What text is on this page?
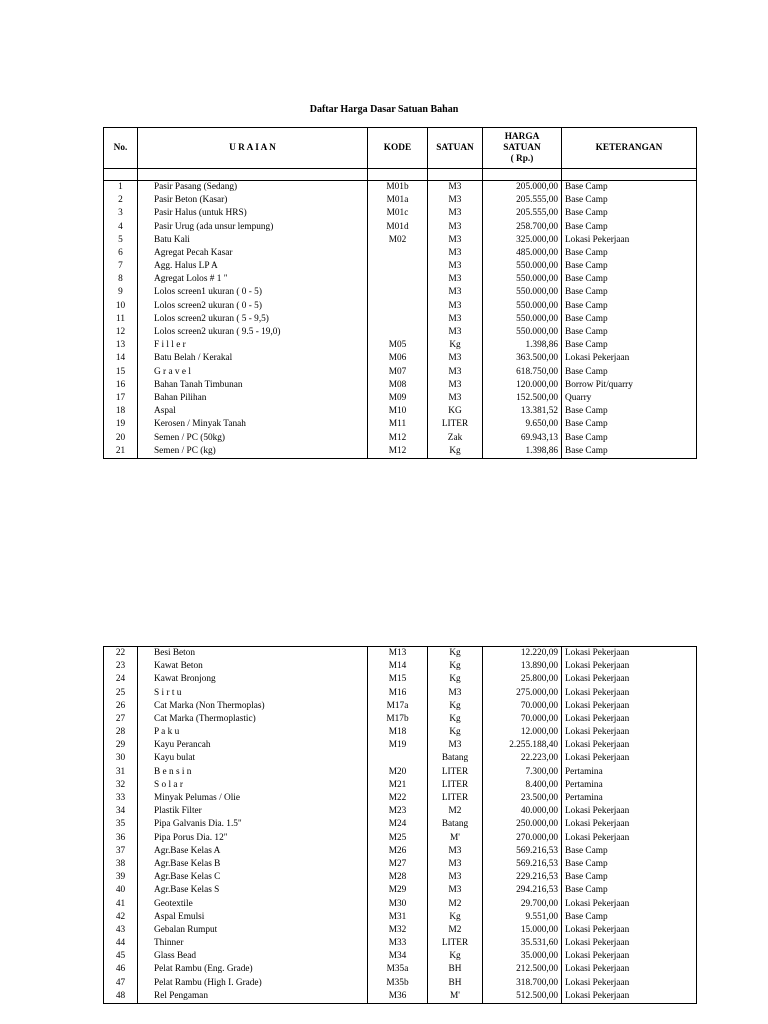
Daftar Harga Dasar Satuan Bahan
No.	U R A I A N	KODE	SATUAN	HARGA
SATUAN
( Rp.)	KETERANGAN

1	Pasir Pasang (Sedang)	M01b	M3	205.000,00	Base Camp
2	Pasir Beton (Kasar)	M01a	M3	205.555,00	Base Camp
3	Pasir Halus (untuk HRS)	M01c	M3	205.555,00	Base Camp
4	Pasir Urug (ada unsur lempung)	M01d	M3	258.700,00	Base Camp
5	Batu Kali	M02	M3	325.000,00	Lokasi Pekerjaan
6	Agregat Pecah Kasar		M3	485.000,00	Base Camp
7	Agg. Halus LP A		M3	550.000,00	Base Camp
8	Agregat Lolos # 1 "		M3	550.000,00	Base Camp
9	Lolos screen1 ukuran ( 0 - 5)		M3	550.000,00	Base Camp
10	Lolos screen2 ukuran ( 0 - 5)		M3	550.000,00	Base Camp
11	Lolos screen2 ukuran ( 5 - 9,5)		M3	550.000,00	Base Camp
12	Lolos screen2 ukuran ( 9.5 - 19,0)		M3	550.000,00	Base Camp
13	F i l l e r	M05	Kg	1.398,86	Base Camp
14	Batu Belah / Kerakal	M06	M3	363.500,00	Lokasi Pekerjaan
15	G r a v e l	M07	M3	618.750,00	Base Camp
16	Bahan Tanah Timbunan	M08	M3	120.000,00	Borrow Pit/quarry
17	Bahan Pilihan	M09	M3	152.500,00	Quarry
18	Aspal	M10	KG	13.381,52	Base Camp
19	Kerosen / Minyak Tanah	M11	LITER	9.650,00	Base Camp
20	Semen / PC (50kg)	M12	Zak	69.943,13	Base Camp
21	Semen / PC (kg)	M12	Kg	1.398,86	Base Camp
22	Besi Beton	M13	Kg	12.220,09	Lokasi Pekerjaan
23	Kawat Beton	M14	Kg	13.890,00	Lokasi Pekerjaan
24	Kawat Bronjong	M15	Kg	25.800,00	Lokasi Pekerjaan
25	S i r t u	M16	M3	275.000,00	Lokasi Pekerjaan
26	Cat Marka (Non Thermoplas)	M17a	Kg	70.000,00	Lokasi Pekerjaan
27	Cat Marka (Thermoplastic)	M17b	Kg	70.000,00	Lokasi Pekerjaan
28	P a k u	M18	Kg	12.000,00	Lokasi Pekerjaan
29	Kayu Perancah	M19	M3	2.255.188,40	Lokasi Pekerjaan
30	Kayu bulat		Batang	22.223,00	Lokasi Pekerjaan
31	B e n s i n	M20	LITER	7.300,00	Pertamina
32	S o l a r	M21	LITER	8.400,00	Pertamina
33	Minyak Pelumas / Olie	M22	LITER	23.500,00	Pertamina
34	Plastik Filter	M23	M2	40.000,00	Lokasi Pekerjaan
35	Pipa Galvanis Dia. 1.5"	M24	Batang	250.000,00	Lokasi Pekerjaan
36	Pipa Porus Dia. 12"	M25	M'	270.000,00	Lokasi Pekerjaan
37	Agr.Base Kelas A	M26	M3	569.216,53	Base Camp
38	Agr.Base Kelas B	M27	M3	569.216,53	Base Camp
39	Agr.Base Kelas C	M28	M3	229.216,53	Base Camp
40	Agr.Base Kelas S	M29	M3	294.216,53	Base Camp
41	Geotextile	M30	M2	29.700,00	Lokasi Pekerjaan
42	Aspal Emulsi	M31	Kg	9.551,00	Base Camp
43	Gebalan Rumput	M32	M2	15.000,00	Lokasi Pekerjaan
44	Thinner	M33	LITER	35.531,60	Lokasi Pekerjaan
45	Glass Bead	M34	Kg	35.000,00	Lokasi Pekerjaan
46	Pelat Rambu (Eng. Grade)	M35a	BH	212.500,00	Lokasi Pekerjaan
47	Pelat Rambu (High I. Grade)	M35b	BH	318.700,00	Lokasi Pekerjaan
48	Rel Pengaman	M36	M'	512.500,00	Lokasi Pekerjaan
